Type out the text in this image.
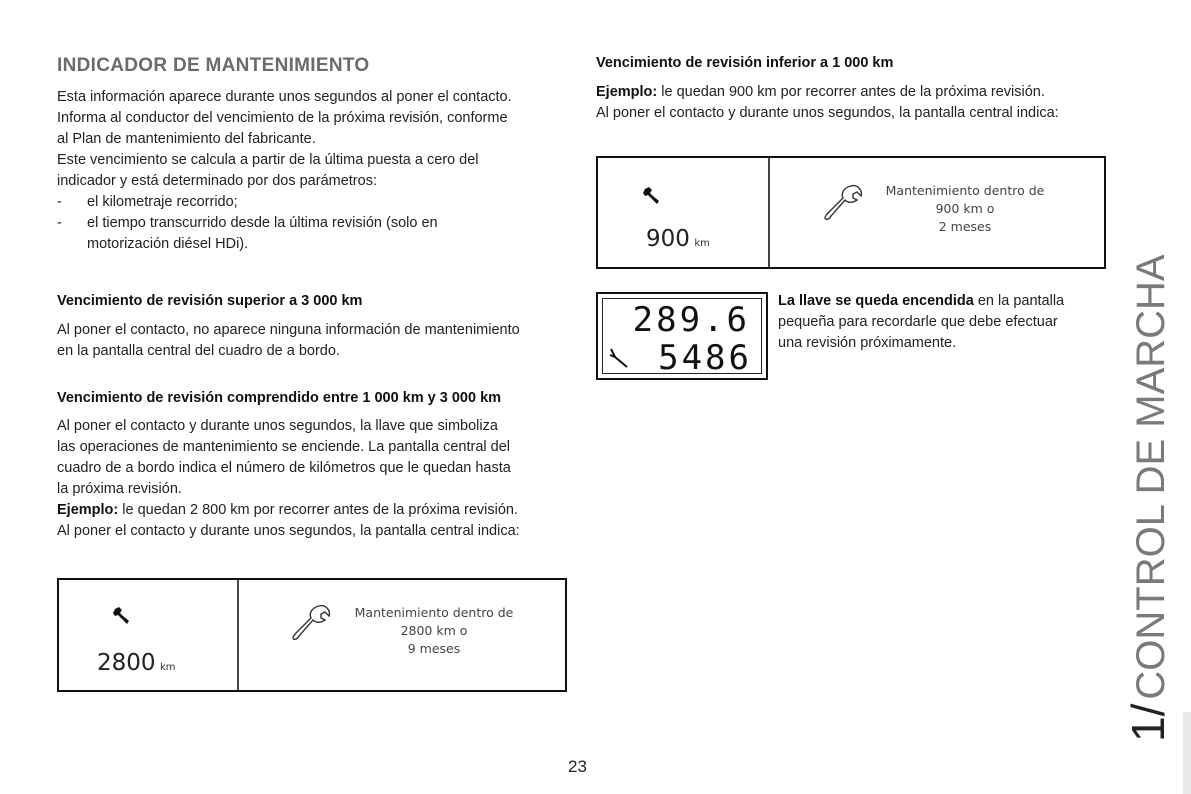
INDICADOR DE MANTENIMIENTO
Esta información aparece durante unos segundos al poner el contacto.
Informa al conductor del vencimiento de la próxima revisión, conforme
al Plan de mantenimiento del fabricante.
Este vencimiento se calcula a partir de la última puesta a cero del
indicador y está determinado por dos parámetros:
- el kilometraje recorrido;
- el tiempo transcurrido desde la última revisión (solo en
motorización diésel HDi).
Vencimiento de revisión superior a 3 000 km
Al poner el contacto, no aparece ninguna información de mantenimiento
en la pantalla central del cuadro de a bordo.
Vencimiento de revisión comprendido entre 1 000 km y 3 000 km
Al poner el contacto y durante unos segundos, la llave que simboliza
las operaciones de mantenimiento se enciende. La pantalla central del
cuadro de a bordo indica el número de kilómetros que le quedan hasta
la próxima revisión.
Ejemplo: le quedan 2 800 km por recorrer antes de la próxima revisión.
Al poner el contacto y durante unos segundos, la pantalla central indica:
2800 km
Mantenimiento dentro de
2800 km o
9 meses
Vencimiento de revisión inferior a 1 000 km
Ejemplo: le quedan 900 km por recorrer antes de la próxima revisión.
Al poner el contacto y durante unos segundos, la pantalla central indica:
900 km
Mantenimiento dentro de
900 km o
2 meses
289.6
5486
La llave se queda encendida en la pantalla
pequeña para recordarle que debe efectuar
una revisión próximamente.
1/CONTROL DE MARCHA
23
